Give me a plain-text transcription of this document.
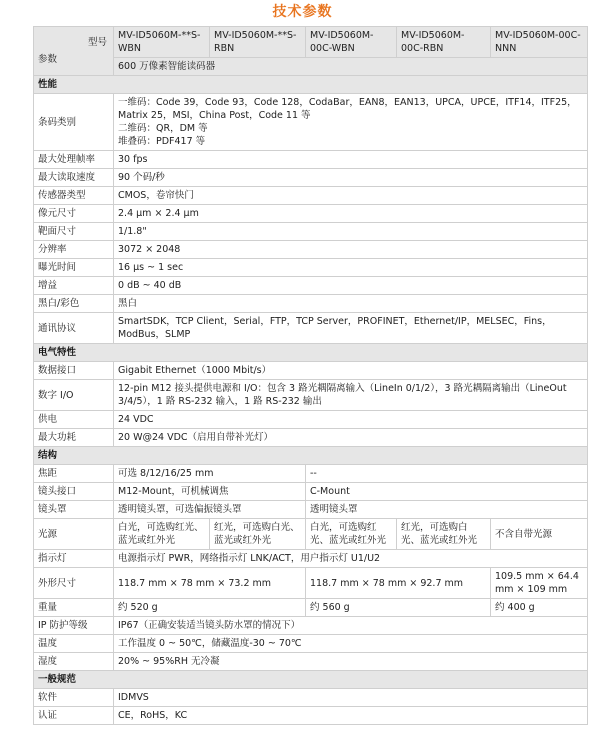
技术参数
型号
参数	MV-ID5060M-**S-WBN	MV-ID5060M-**S-RBN	MV-ID5060M-00C-WBN	MV-ID5060M-00C-RBN	MV-ID5060M-00C-NNN
	600 万像素智能读码器				
性能					
条码类别	一维码：Code 39，Code 93，Code 128，CodaBar，EAN8，EAN13，UPCA，UPCE，ITF14，ITF25，Matrix 25，MSI，China Post，Code 11 等
二维码：QR，DM 等
堆叠码：PDF417 等				
最大处理帧率	30 fps				
最大读取速度	90 个码/秒				
传感器类型	CMOS，卷帘快门				
像元尺寸	2.4 μm × 2.4 μm				
靶面尺寸	1/1.8"				
分辨率	3072 × 2048				
曝光时间	16 μs ~ 1 sec				
增益	0 dB ~ 40 dB				
黑白/彩色	黑白				
通讯协议	SmartSDK，TCP Client，Serial，FTP，TCP Server，PROFINET，Ethernet/IP，MELSEC，Fins，ModBus，SLMP				
电气特性					
数据接口	Gigabit Ethernet（1000 Mbit/s）				
数字 I/O	12-pin M12 接头提供电源和 I/O：包含 3 路光耦隔离输入（LineIn 0/1/2），3 路光耦隔离输出（LineOut 3/4/5），1 路 RS-232 输入，1 路 RS-232 输出				
供电	24 VDC				
最大功耗	20 W@24 VDC（启用自带补光灯）				
结构					
焦距	可选 8/12/16/25 mm		--		
镜头接口	M12-Mount，可机械调焦		C-Mount		
镜头罩	透明镜头罩，可选偏振镜头罩		透明镜头罩		
光源	白光，可选购红光、蓝光或红外光	红光，可选购白光、蓝光或红外光	白光，可选购红光、蓝光或红外光	红光，可选购白光、蓝光或红外光	不含自带光源
指示灯	电源指示灯 PWR，网络指示灯 LNK/ACT，用户指示灯 U1/U2				
外形尺寸	118.7 mm × 78 mm × 73.2 mm		118.7 mm × 78 mm × 92.7 mm		109.5 mm × 64.4 mm × 109 mm
重量	约 520 g		约 560 g		约 400 g
IP 防护等级	IP67（正确安装适当镜头防水罩的情况下）				
温度	工作温度 0 ~ 50℃，储藏温度-30 ~ 70℃				
湿度	20% ~ 95%RH 无冷凝				
一般规范					
软件	IDMVS				
认证	CE，RoHS，KC				
